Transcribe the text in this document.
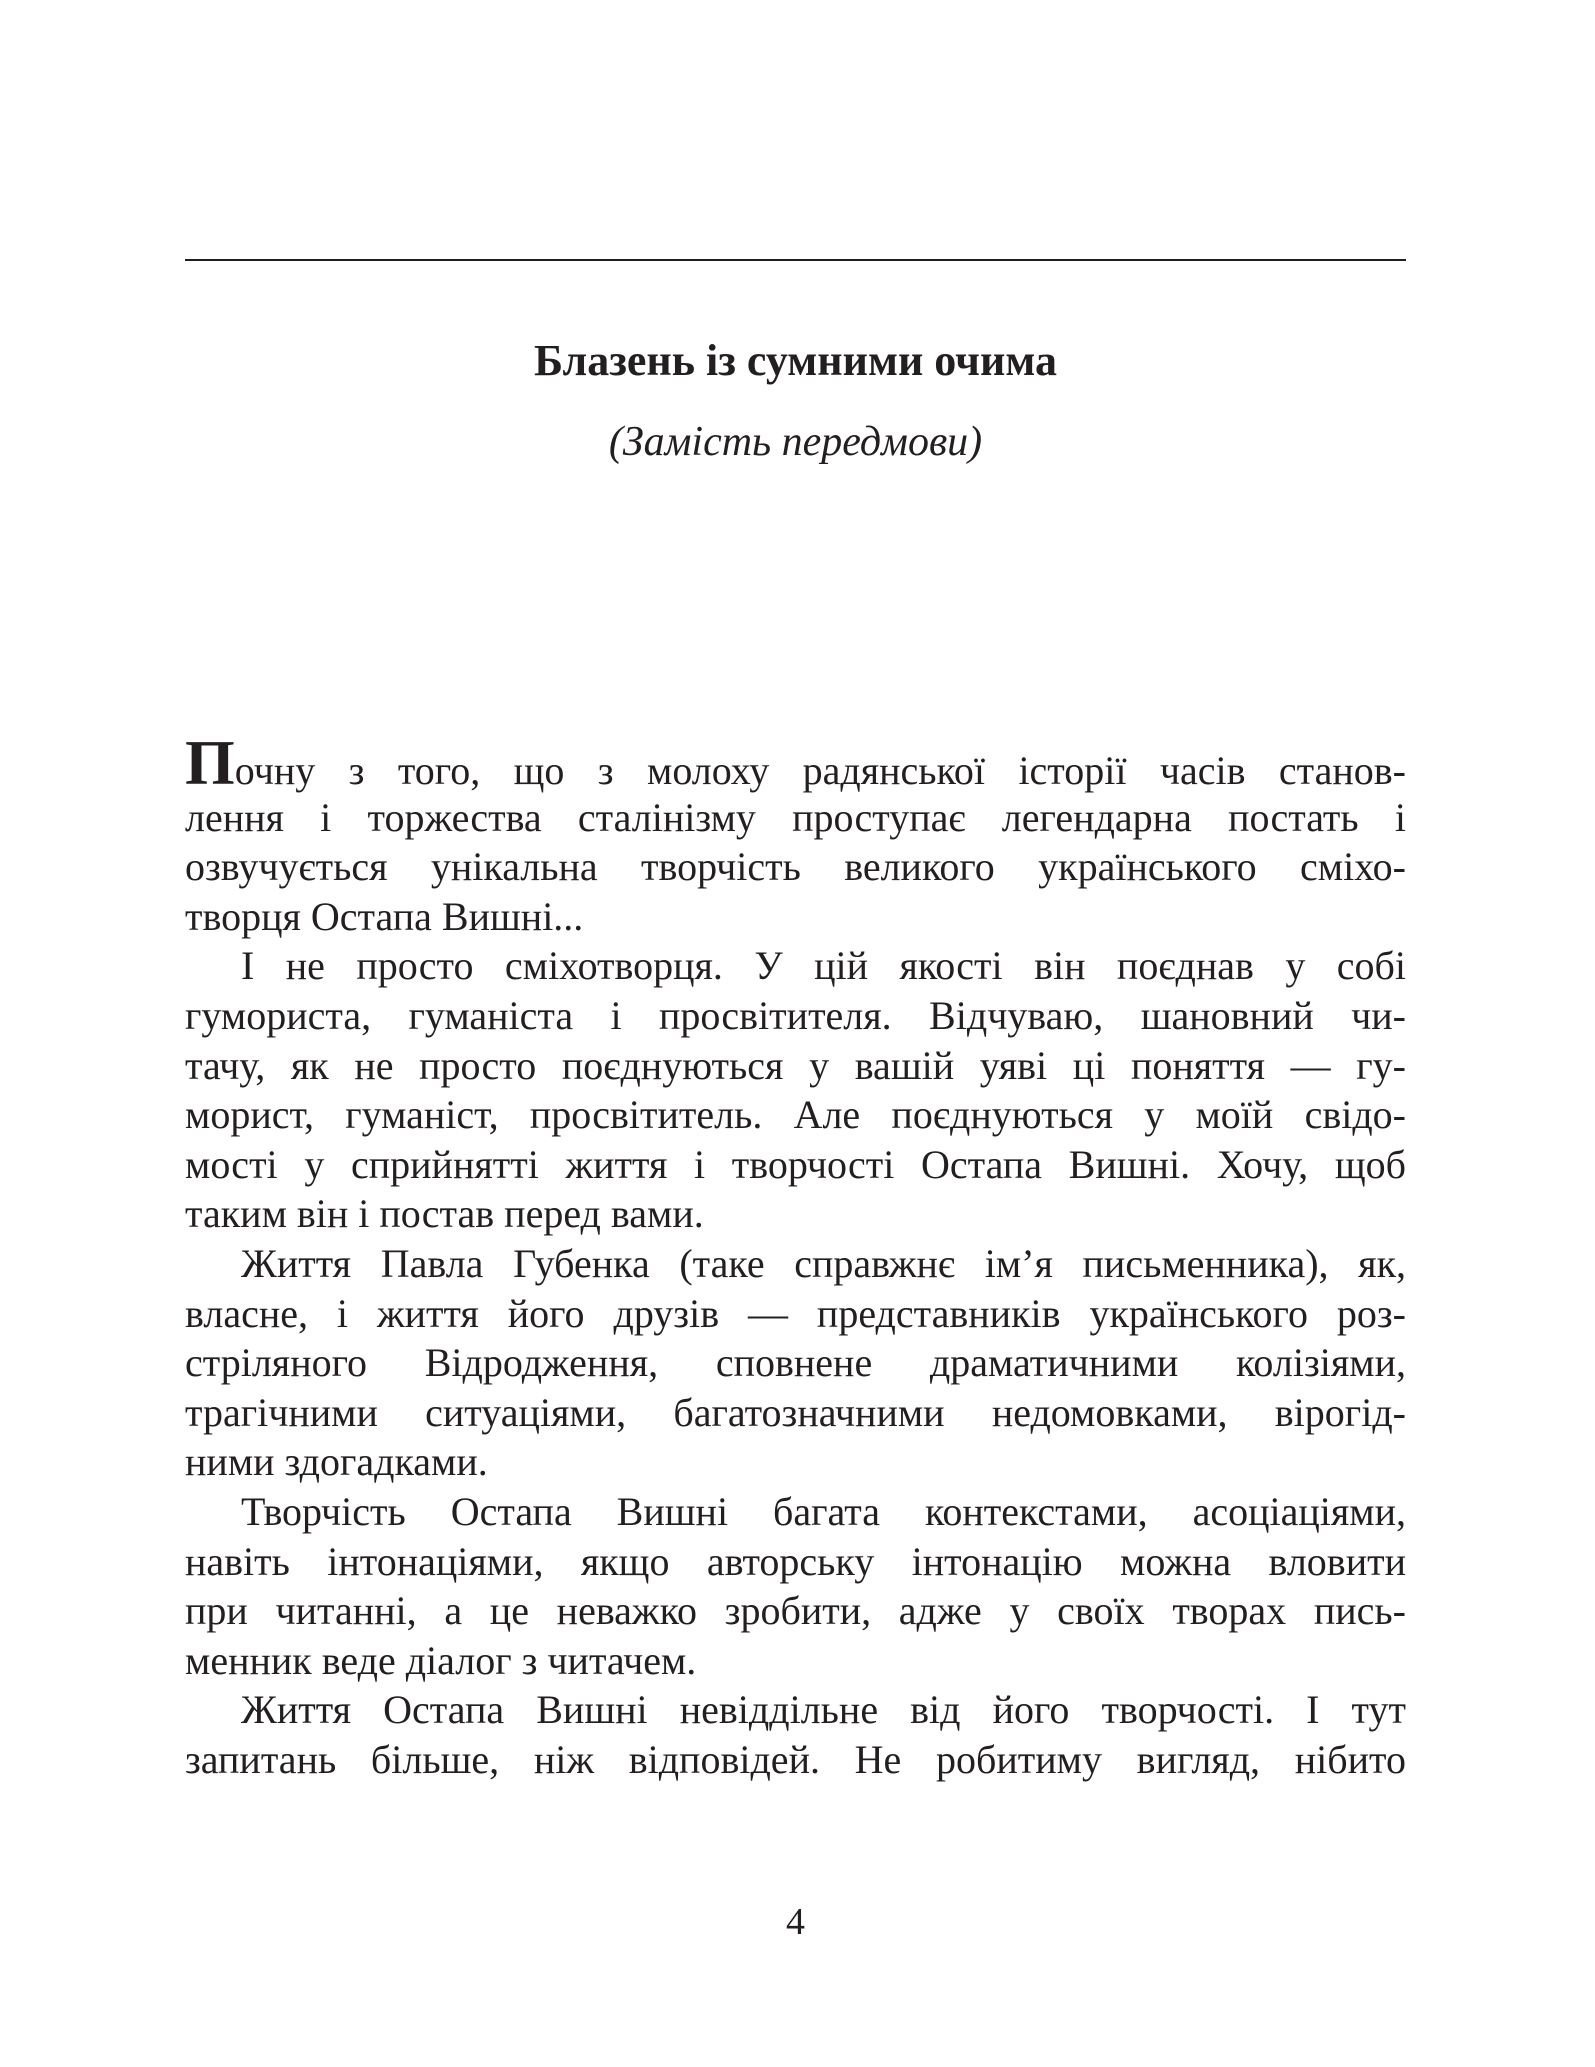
Блазень із сумними очима
(Замість передмови)
Почну з того, що з молоху радянської історії часів станов-
лення і торжества сталінізму проступає легендарна постать і
озвучується унікальна творчість великого українського сміхо-
творця Остапа Вишні...
І не просто сміхотворця. У цій якості він поєднав у собі
гумориста, гуманіста і просвітителя. Відчуваю, шановний чи-
тачу, як не просто поєднуються у вашій уяві ці поняття — гу-
морист, гуманіст, просвітитель. Але поєднуються у моїй свідо-
мості у сприйнятті життя і творчості Остапа Вишні. Хочу, щоб
таким він і постав перед вами.
Життя Павла Губенка (таке справжнє ім’я письменника), як,
власне, і життя його друзів — представників українського роз-
стріляного Відродження, сповнене драматичними колізіями,
трагічними ситуаціями, багатозначними недомовками, вірогід-
ними здогадками.
Творчість Остапа Вишні багата контекстами, асоціаціями,
навіть інтонаціями, якщо авторську інтонацію можна вловити
при читанні, а це неважко зробити, адже у своїх творах пись-
менник веде діалог з читачем.
Життя Остапа Вишні невіддільне від його творчості. І тут
запитань більше, ніж відповідей. Не робитиму вигляд, нібито
4
